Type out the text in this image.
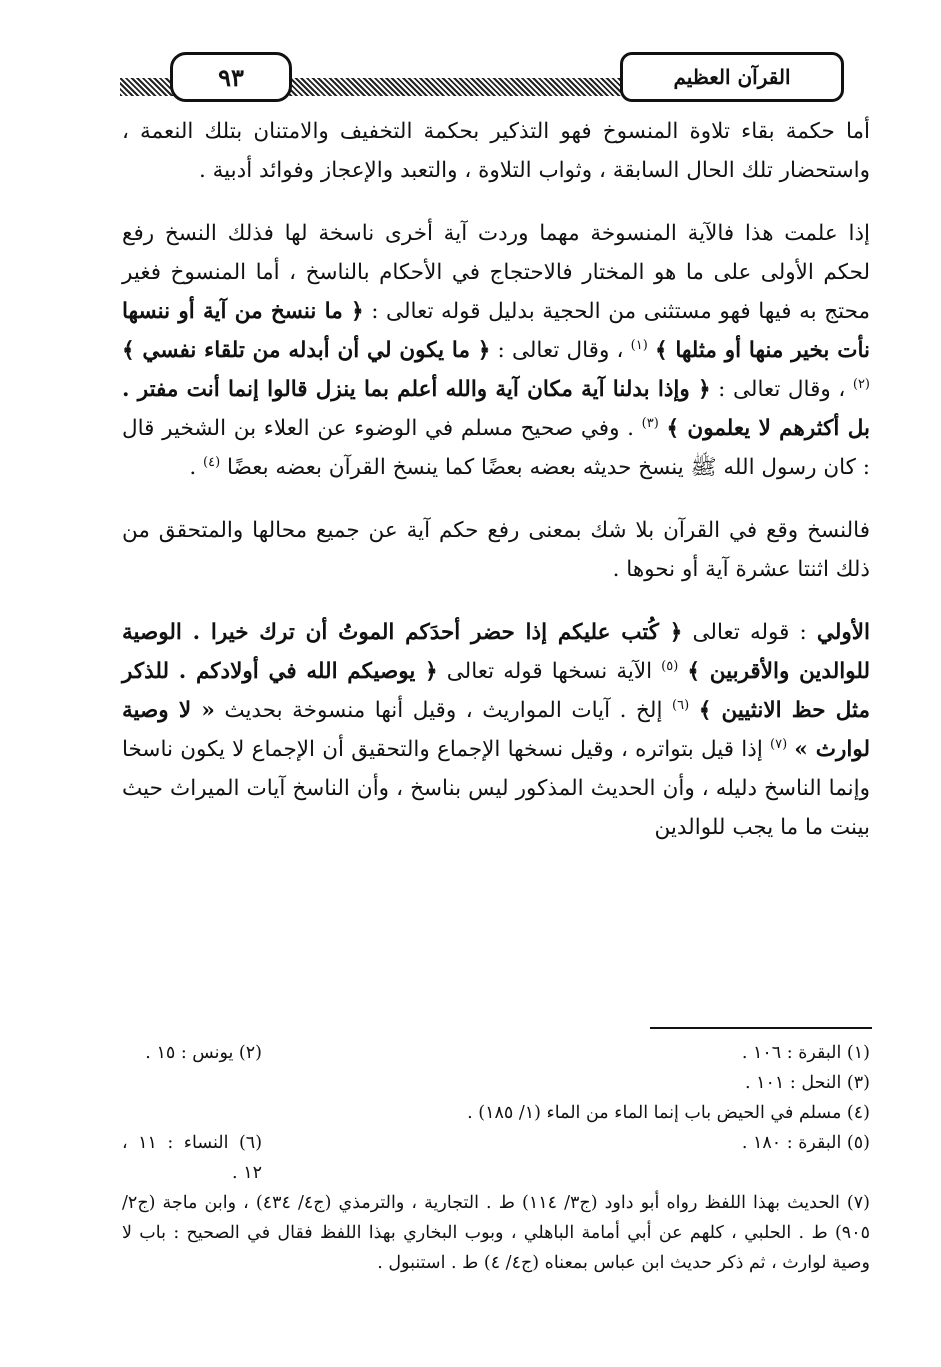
٩٣	القرآن العظيم

أما حكمة بقاء تلاوة المنسوخ فهو التذكير بحكمة التخفيف والامتنان بتلك النعمة ، واستحضار تلك الحال السابقة ، وثواب التلاوة ، والتعبد والإعجاز وفوائد أدبية .

إذا علمت هذا فالآية المنسوخة مهما وردت آية أخرى ناسخة لها فذلك النسخ رفع لحكم الأولى على ما هو المختار فالاحتجاج في الأحكام بالناسخ ، أما المنسوخ فغير محتج به فيها فهو مستثنى من الحجية بدليل قوله تعالى : ﴿ ما ننسخ من آية أو ننسها نأت بخير منها أو مثلها ﴾ $^{(١)}$ ، وقال تعالى : ﴿ ما يكون لي أن أبدله من تلقاء نفسي ﴾ $^{(٢)}$ ، وقال تعالى : ﴿ وإذا بدلنا آية مكان آية والله أعلم بما ينزل قالوا إنما أنت مفتر . بل أكثرهم لا يعلمون ﴾ $^{(٣)}$ . وفي صحيح مسلم في الوضوء عن العلاء بن الشخير قال : كان رسول الله ﷺ ينسخ حديثه بعضه بعضًا كما ينسخ القرآن بعضه بعضًا $^{(٤)}$ .

فالنسخ وقع في القرآن بلا شك بمعنى رفع حكم آية عن جميع محالها والمتحقق من ذلك اثنتا عشرة آية أو نحوها .

الأولي : قوله تعالى ﴿ كُتب عليكم إذا حضر أحدَكم الموتُ أن ترك خيرا . الوصية للوالدين والأقربين ﴾ $^{(٥)}$ الآية نسخها قوله تعالى ﴿ يوصيكم الله في أولادكم . للذكر مثل حظ الانثيين ﴾ $^{(٦)}$ إلخ . آيات المواريث ، وقيل أنها منسوخة بحديث « لا وصية لوارث » $^{(٧)}$ إذا قيل بتواتره ، وقيل نسخها الإجماع والتحقيق أن الإجماع لا يكون ناسخا وإنما الناسخ دليله ، وأن الحديث المذكور ليس بناسخ ، وأن الناسخ آيات الميراث حيث بينت ما ما يجب للوالدين

(١) البقرة : ١٠٦ .
(٢) يونس : ١٥ .
(٣) النحل : ١٠١ .
(٤) مسلم في الحيض باب إنما الماء من الماء (١/ ١٨٥) .
(٥) البقرة : ١٨٠ .
(٦) النساء : ١١ ، ١٢ .
(٧) الحديث بهذا اللفظ رواه أبو داود (ج٣/ ١١٤) ط . التجارية ، والترمذي (ج٤/ ٤٣٤) ، وابن ماجة (ج٢/ ٩٠٥) ط . الحلبي ، كلهم عن أبي أمامة الباهلي ، وبوب البخاري بهذا اللفظ فقال في الصحيح : باب لا وصية لوارث ، ثم ذكر حديث ابن عباس بمعناه (ج٤/ ٤) ط . استنبول .
